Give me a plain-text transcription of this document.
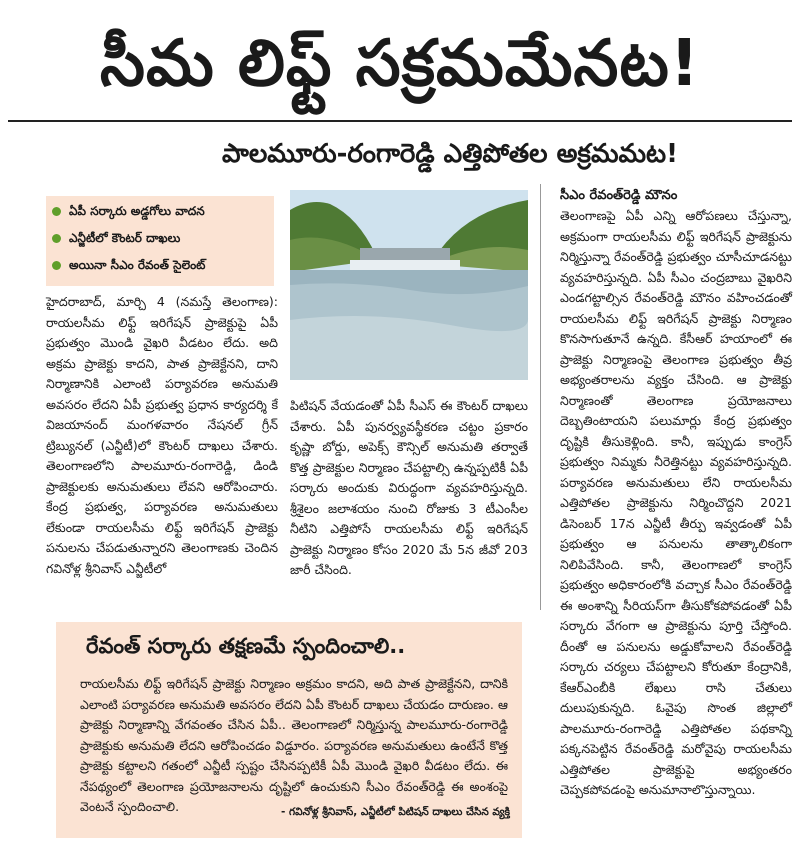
సీమ లిఫ్ట్ సక్రమమేనట!
పాలమూరు-రంగారెడ్డి ఎత్తిపోతల అక్రమమట!
ఏపీ సర్కారు అడ్డగోలు వాదన
ఎన్జీటీలో కౌంటర్ దాఖలు
అయినా సీఎం రేవంత్ సైలెంట్

హైదరాబాద్, మార్చి 4 (నమస్తే తెలంగాణ): రాయలసీమ లిఫ్ట్ ఇరిగేషన్ ప్రాజెక్టుపై ఏపీ ప్రభుత్వం మొండి వైఖరి వీడటం లేదు. అది అక్రమ ప్రాజెక్టు కాదని, పాత ప్రాజెక్టేనని, దాని నిర్మాణానికి ఎలాంటి పర్యావరణ అనుమతి అవసరం లేదని ఏపీ ప్రభుత్వ ప్రధాన కార్యదర్శి కే విజయానంద్ మంగళవారం నేషనల్ గ్రీన్ ట్రిబ్యునల్ (ఎన్జీటీ)లో కౌంటర్ దాఖలు చేశారు. తెలంగాణలోని పాలమూరు-రంగారెడ్డి, డిండి ప్రాజెక్టులకు అనుమతులు లేవని ఆరోపించారు. కేంద్ర ప్రభుత్వ, పర్యావరణ అనుమతులు లేకుండా రాయలసీమ లిఫ్ట్ ఇరిగేషన్ ప్రాజెక్టు పనులను చేపడుతున్నారని తెలంగాణకు చెందిన గవినోళ్ల శ్రీనివాస్ ఎన్జీటీలో

పిటిషన్ వేయడంతో ఏపీ సీఎస్ ఈ కౌంటర్ దాఖలు చేశారు. ఏపీ పునర్వ్యవస్థీకరణ చట్టం ప్రకారం కృష్ణా బోర్డు, అపెక్స్ కౌన్సిల్ అనుమతి తర్వాతే కొత్త ప్రాజెక్టుల నిర్మాణం చేపట్టాల్సి ఉన్నప్పటికీ ఏపీ సర్కారు అందుకు విరుద్ధంగా వ్యవహరిస్తున్నది. శ్రీశైలం జలాశయం నుంచి రోజుకు 3 టీఎంసీల నీటిని ఎత్తిపోసే రాయలసీమ లిఫ్ట్ ఇరిగేషన్ ప్రాజెక్టు నిర్మాణం కోసం 2020 మే 5న జీవో 203 జారీ చేసింది.

సీఎం రేవంత్‌రెడ్డి మౌనం

తెలంగాణపై ఏపీ ఎన్ని ఆరోపణలు చేస్తున్నా, అక్రమంగా రాయలసీమ లిఫ్ట్ ఇరిగేషన్ ప్రాజెక్టును నిర్మిస్తున్నా రేవంత్‌రెడ్డి ప్రభుత్వం చూసీచూడనట్టు వ్యవహరిస్తున్నది. ఏపీ సీఎం చంద్రబాబు వైఖరిని ఎండగట్టాల్సిన రేవంత్‌రెడ్డి మౌనం వహించడంతో రాయలసీమ లిఫ్ట్ ఇరిగేషన్ ప్రాజెక్టు నిర్మాణం కొనసాగుతూనే ఉన్నది. కేసీఆర్ హయాంలో ఈ ప్రాజెక్టు నిర్మాణంపై తెలంగాణ ప్రభుత్వం తీవ్ర అభ్యంతరాలను వ్యక్తం చేసింది. ఆ ప్రాజెక్టు నిర్మాణంతో తెలంగాణ ప్రయోజనాలు దెబ్బతింటాయని పలుమార్లు కేంద్ర ప్రభుత్వం దృష్టికి తీసుకెళ్లింది. కానీ, ఇప్పుడు కాంగ్రెస్ ప్రభుత్వం నిమ్మకు నీరెత్తినట్టు వ్యవహరిస్తున్నది. పర్యావరణ అనుమతులు లేని రాయలసీమ ఎత్తిపోతల ప్రాజెక్టును నిర్మించొద్దని 2021 డిసెంబర్ 17న ఎన్జీటీ తీర్పు ఇవ్వడంతో ఏపీ ప్రభుత్వం ఆ పనులను తాత్కాలికంగా నిలిపివేసింది. కానీ, తెలంగాణలో కాంగ్రెస్ ప్రభుత్వం అధికారంలోకి వచ్చాక సీఎం రేవంత్‌రెడ్డి ఈ అంశాన్ని సీరియస్‌గా తీసుకోకపోవడంతో ఏపీ సర్కారు వేగంగా ఆ ప్రాజెక్టును పూర్తి చేస్తోంది. దీంతో ఆ పనులను అడ్డుకోవాలని రేవంత్‌రెడ్డి సర్కారు చర్యలు చేపట్టాలని కోరుతూ కేంద్రానికి, కేఆర్‌ఎంబీకి లేఖలు రాసి చేతులు దులుపుకున్నది. ఓవైపు సొంత జిల్లాలో పాలమూరు-రంగారెడ్డి ఎత్తిపోతల పథకాన్ని పక్కనపెట్టిన రేవంత్‌రెడ్డి మరోవైపు రాయలసీమ ఎత్తిపోతల ప్రాజెక్టుపై అభ్యంతరం చెప్పకపోవడంపై అనుమానాలొస్తున్నాయి.

రేవంత్ సర్కారు తక్షణమే స్పందించాలి..
రాయలసీమ లిఫ్ట్ ఇరిగేషన్ ప్రాజెక్టు నిర్మాణం అక్రమం కాదని, అది పాత ప్రాజెక్టేనని, దానికి ఎలాంటి పర్యావరణ అనుమతి అవసరం లేదని ఏపీ కౌంటర్ దాఖలు చేయడం దారుణం. ఆ ప్రాజెక్టు నిర్మాణాన్ని వేగవంతం చేసిన ఏపీ.. తెలంగాణలో నిర్మిస్తున్న పాలమూరు-రంగారెడ్డి ప్రాజెక్టుకు అనుమతి లేదని ఆరోపించడం విడ్డూరం. పర్యావరణ అనుమతులు ఉంటేనే కొత్త ప్రాజెక్టు కట్టాలని గతంలో ఎన్జీటీ స్పష్టం చేసినప్పటికీ ఏపీ మొండి వైఖరి వీడటం లేదు. ఈ నేపథ్యంలో తెలంగాణ ప్రయోజనాలను దృష్టిలో ఉంచుకుని సీఎం రేవంత్‌రెడ్డి ఈ అంశంపై వెంటనే స్పందించాలి.	- గవినోళ్ల శ్రీనివాస్, ఎన్జీటీలో పిటిషన్ దాఖలు చేసిన వ్యక్తి
